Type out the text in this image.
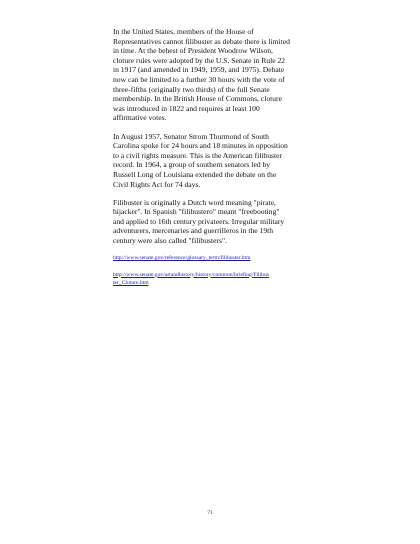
In the United States, members of the House of
Representatives cannot filibuster as debate there is limited
in time. At the behest of President Woodrow Wilson,
cloture rules were adopted by the U.S. Senate in Rule 22
in 1917 (and amended in 1949, 1959, and 1975). Debate
now can be limited to a further 30 hours with the vote of
three-fifths (originally two thirds) of the full Senate
membership. In the British House of Commons, cloture
was introduced in 1822 and requires at least 100
affirmative votes.

In August 1957, Senator Strom Thurmond of South
Carolina spoke for 24 hours and 18 minutes in opposition
to a civil rights measure. This is the American filibuster
record. In 1964, a group of southern senators led by
Russell Long of Louisiana extended the debate on the
Civil Rights Act for 74 days.

Filibuster is originally a Dutch word meaning "pirate,
hijacker". In Spanish "filibustero" meant "freebooting"
and applied to 16th century privateers. Irregular military
adventurers, mercenaries and guerrilleros in the 19th
century were also called "filibusters".

http://www.senate.gov/reference/glossary_term/filibuster.htm
http://www.senate.gov/artandhistory/history/common/briefing/Filibus
ter_Cloture.htm
71
